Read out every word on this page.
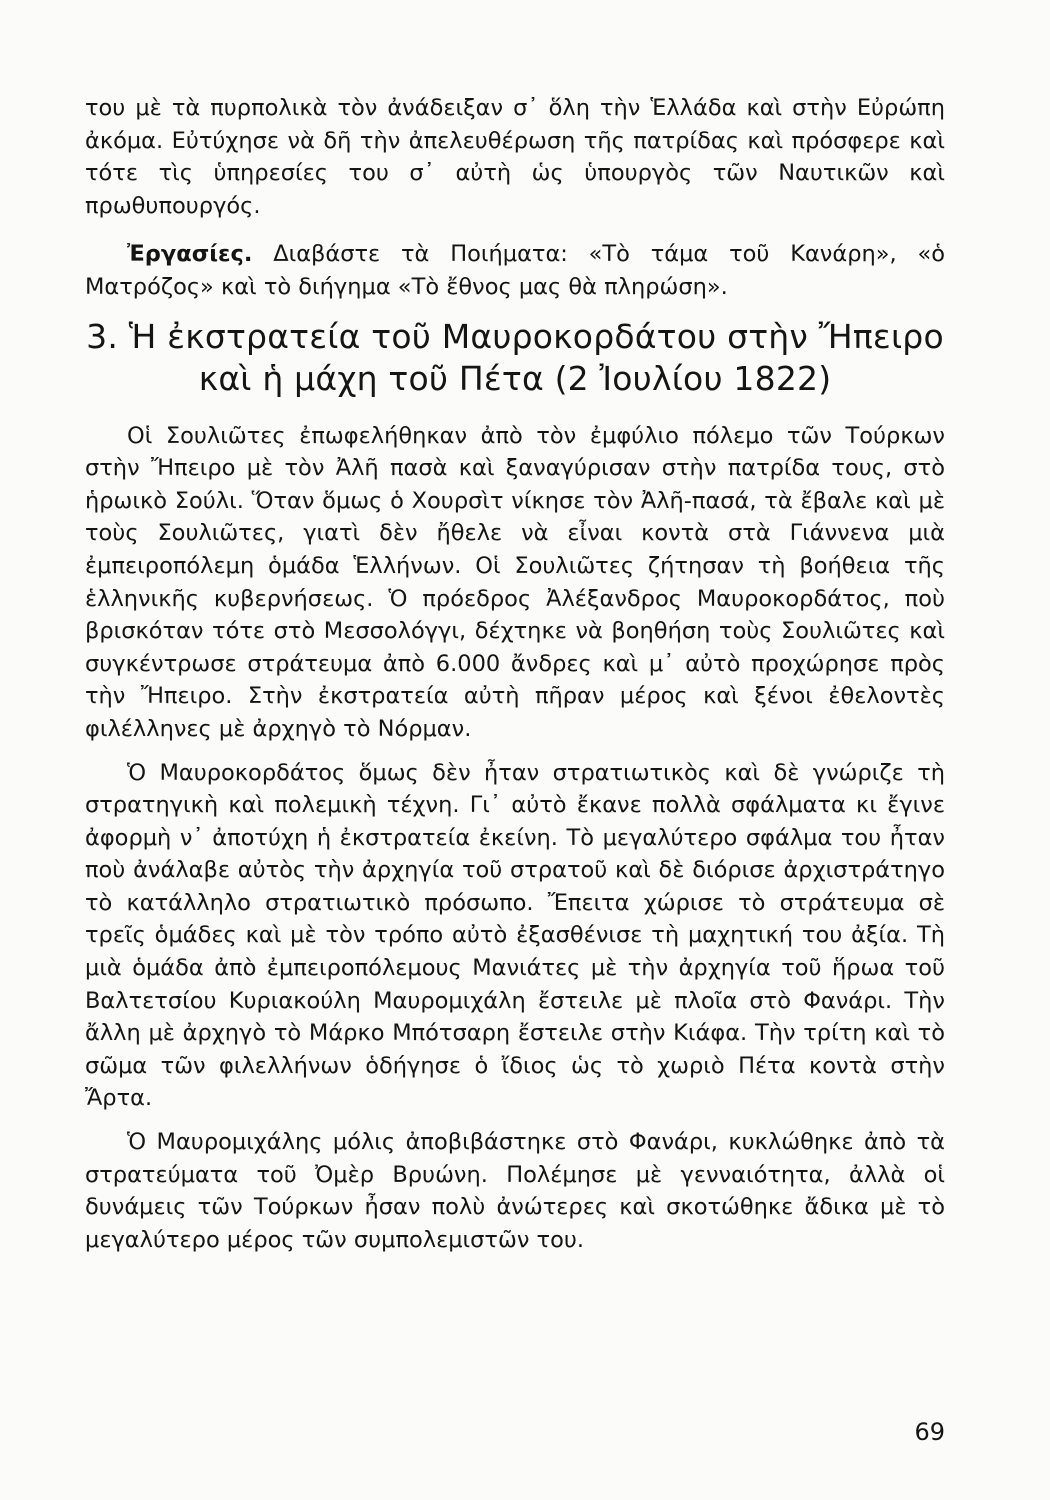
του μὲ τὰ πυρπολικὰ τὸν ἀνάδειξαν σ᾽ ὅλη τὴν Ἑλλάδα καὶ στὴν Εὐρώπη ἀκόμα. Εὐτύχησε νὰ δῆ τὴν ἀπελευθέρωση τῆς πατρίδας καὶ πρόσφερε καὶ τότε τὶς ὑπηρεσίες του σ᾽ αὐτὴ ὡς ὑπουργὸς τῶν Ναυτικῶν καὶ πρωθυπουργός.

Ἐργασίες. Διαβάστε τὰ Ποιήματα: «Τὸ τάμα τοῦ Κανάρη», «ὁ Ματρόζος» καὶ τὸ διήγημα «Τὸ ἔθνος μας θὰ πληρώση».

3. Ἡ ἐκστρατεία τοῦ Μαυροκορδάτου στὴν Ἤπειρο
καὶ ἡ μάχη τοῦ Πέτα (2 Ἰουλίου 1822)

Οἱ Σουλιῶτες ἐπωφελήθηκαν ἀπὸ τὸν ἐμφύλιο πόλεμο τῶν Τούρκων στὴν Ἤπειρο μὲ τὸν Ἀλῆ πασὰ καὶ ξαναγύρισαν στὴν πατρίδα τους, στὸ ἡρωικὸ Σούλι. Ὅταν ὅμως ὁ Χουρσὶτ νίκησε τὸν Ἀλῆ-πασά, τὰ ἔβαλε καὶ μὲ τοὺς Σουλιῶτες, γιατὶ δὲν ἤθελε νὰ εἶναι κοντὰ στὰ Γιάννενα μιὰ ἐμπειροπόλεμη ὁμάδα Ἑλλήνων. Οἱ Σουλιῶτες ζήτησαν τὴ βοήθεια τῆς ἑλληνικῆς κυβερνήσεως. Ὁ πρόεδρος Ἀλέξανδρος Μαυροκορδάτος, ποὺ βρισκόταν τότε στὸ Μεσσολόγγι, δέχτηκε νὰ βοηθήση τοὺς Σουλιῶτες καὶ συγκέντρωσε στράτευμα ἀπὸ 6.000 ἄνδρες καὶ μ᾽ αὐτὸ προχώρησε πρὸς τὴν Ἤπειρο. Στὴν ἐκστρατεία αὐτὴ πῆραν μέρος καὶ ξένοι ἐθελοντὲς φιλέλληνες μὲ ἀρχηγὸ τὸ Νόρμαν.

Ὁ Μαυροκορδάτος ὅμως δὲν ἦταν στρατιωτικὸς καὶ δὲ γνώριζε τὴ στρατηγικὴ καὶ πολεμικὴ τέχνη. Γι᾽ αὐτὸ ἔκανε πολλὰ σφάλματα κι ἔγινε ἀφορμὴ ν᾽ ἀποτύχη ἡ ἐκστρατεία ἐκείνη. Τὸ μεγαλύτερο σφάλμα του ἦταν ποὺ ἀνάλαβε αὐτὸς τὴν ἀρχηγία τοῦ στρατοῦ καὶ δὲ διόρισε ἀρχιστράτηγο τὸ κατάλληλο στρατιωτικὸ πρόσωπο. Ἔπειτα χώρισε τὸ στράτευμα σὲ τρεῖς ὁμάδες καὶ μὲ τὸν τρόπο αὐτὸ ἐξασθένισε τὴ μαχητική του ἀξία. Τὴ μιὰ ὁμάδα ἀπὸ ἐμπειροπόλεμους Μανιάτες μὲ τὴν ἀρχηγία τοῦ ἥρωα τοῦ Βαλτετσίου Κυριακούλη Μαυρομιχάλη ἔστειλε μὲ πλοῖα στὸ Φανάρι. Τὴν ἄλλη μὲ ἀρχηγὸ τὸ Μάρκο Μπότσαρη ἔστειλε στὴν Κιάφα. Τὴν τρίτη καὶ τὸ σῶμα τῶν φιλελλήνων ὁδήγησε ὁ ἴδιος ὡς τὸ χωριὸ Πέτα κοντὰ στὴν Ἄρτα.

Ὁ Μαυρομιχάλης μόλις ἀποβιβάστηκε στὸ Φανάρι, κυκλώθηκε ἀπὸ τὰ στρατεύματα τοῦ Ὀμὲρ Βρυώνη. Πολέμησε μὲ γενναιότητα, ἀλλὰ οἱ δυνάμεις τῶν Τούρκων ἦσαν πολὺ ἀνώτερες καὶ σκοτώθηκε ἄδικα μὲ τὸ μεγαλύτερο μέρος τῶν συμπολεμιστῶν του.

69
